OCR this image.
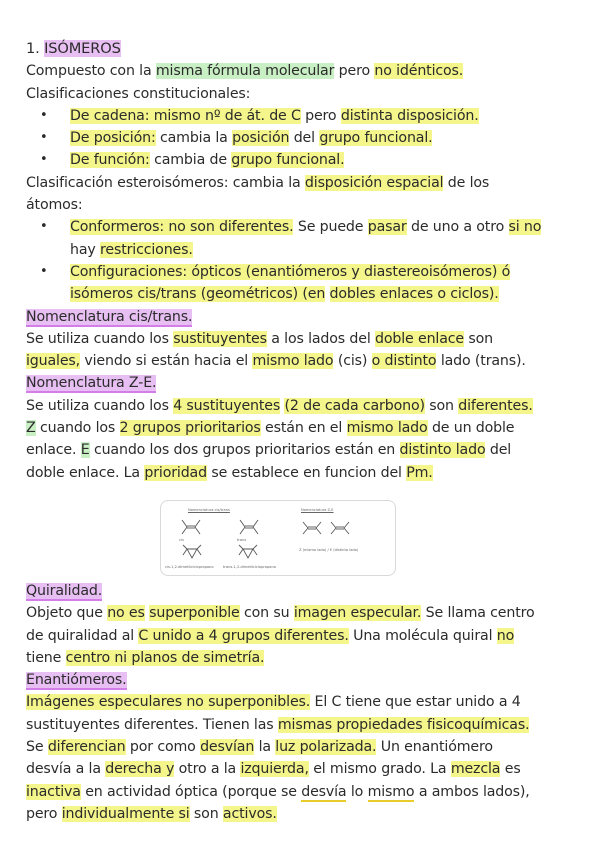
1. ISÓMEROS
Compuesto con la misma fórmula molecular pero no idénticos.
Clasificaciones constitucionales:
• De cadena: mismo nº de át. de C pero distinta disposición.
• De posición: cambia la posición del grupo funcional.
• De función: cambia de grupo funcional.
Clasificación esteroisómeros: cambia la disposición espacial de los
átomos:
• Conformeros: no son diferentes. Se puede pasar de uno a otro si no
hay restricciones.
• Configuraciones: ópticos (enantiómeros y diastereoisómeros) ó
isómeros cis/trans (geométricos) (en dobles enlaces o ciclos).
Nomenclatura cis/trans.
Se utiliza cuando los sustituyentes a los lados del doble enlace son
iguales, viendo si están hacia el mismo lado (cis) o distinto lado (trans).
Nomenclatura Z-E.
Se utiliza cuando los 4 sustituyentes (2 de cada carbono) son diferentes.
Z cuando los 2 grupos prioritarios están en el mismo lado de un doble
enlace. E cuando los dos grupos prioritarios están en distinto lado del
doble enlace. La prioridad se establece en funcion del Pm.
Nomenclatura cis/trans	Nomenclatura Z-E
cis	trans
cis-1,2-dimetilciclopropano	trans-1,2-dimetilciclopropano
Z (mismo lado) / E (distinto lado)
Quiralidad.
Objeto que no es superponible con su imagen especular. Se llama centro
de quiralidad al C unido a 4 grupos diferentes. Una molécula quiral no
tiene centro ni planos de simetría.
Enantiómeros.
Imágenes especulares no superponibles. El C tiene que estar unido a 4
sustituyentes diferentes. Tienen las mismas propiedades fisicoquímicas.
Se diferencian por como desvían la luz polarizada. Un enantiómero
desvía a la derecha y otro a la izquierda, el mismo grado. La mezcla es
inactiva en actividad óptica (porque se desvía lo mismo a ambos lados),
pero individualmente si son activos.
